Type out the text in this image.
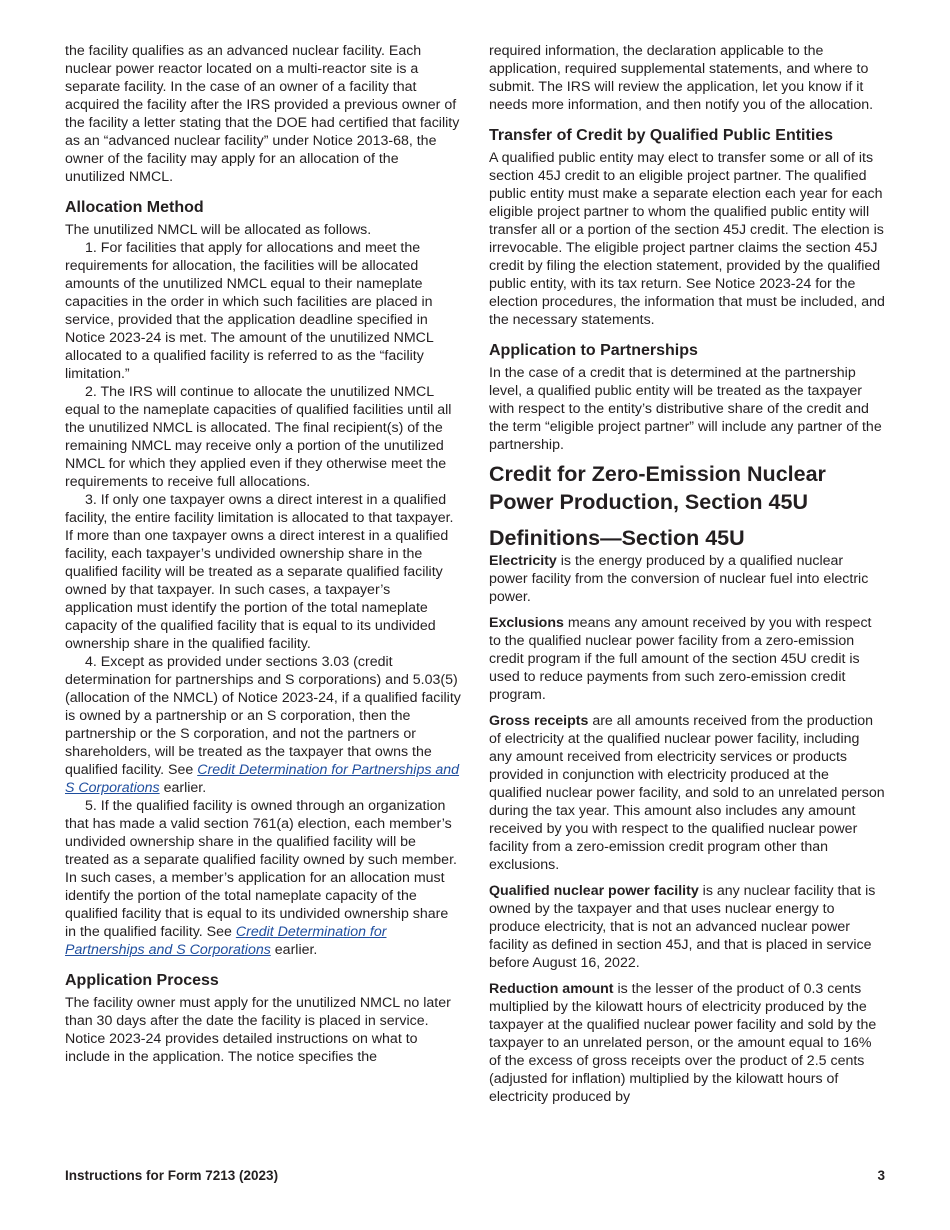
the facility qualifies as an advanced nuclear facility. Each nuclear power reactor located on a multi-reactor site is a separate facility. In the case of an owner of a facility that acquired the facility after the IRS provided a previous owner of the facility a letter stating that the DOE had certified that facility as an “advanced nuclear facility” under Notice 2013-68, the owner of the facility may apply for an allocation of the unutilized NMCL.

Allocation Method

The unutilized NMCL will be allocated as follows.

1. For facilities that apply for allocations and meet the requirements for allocation, the facilities will be allocated amounts of the unutilized NMCL equal to their nameplate capacities in the order in which such facilities are placed in service, provided that the application deadline specified in Notice 2023-24 is met. The amount of the unutilized NMCL allocated to a qualified facility is referred to as the “facility limitation.”

2. The IRS will continue to allocate the unutilized NMCL equal to the nameplate capacities of qualified facilities until all the unutilized NMCL is allocated. The final recipient(s) of the remaining NMCL may receive only a portion of the unutilized NMCL for which they applied even if they otherwise meet the requirements to receive full allocations.

3. If only one taxpayer owns a direct interest in a qualified facility, the entire facility limitation is allocated to that taxpayer. If more than one taxpayer owns a direct interest in a qualified facility, each taxpayer’s undivided ownership share in the qualified facility will be treated as a separate qualified facility owned by that taxpayer. In such cases, a taxpayer’s application must identify the portion of the total nameplate capacity of the qualified facility that is equal to its undivided ownership share in the qualified facility.

4. Except as provided under sections 3.03 (credit determination for partnerships and S corporations) and 5.03(5) (allocation of the NMCL) of Notice 2023-24, if a qualified facility is owned by a partnership or an S corporation, then the partnership or the S corporation, and not the partners or shareholders, will be treated as the taxpayer that owns the qualified facility. See Credit Determination for Partnerships and S Corporations earlier.

5. If the qualified facility is owned through an organization that has made a valid section 761(a) election, each member’s undivided ownership share in the qualified facility will be treated as a separate qualified facility owned by such member. In such cases, a member’s application for an allocation must identify the portion of the total nameplate capacity of the qualified facility that is equal to its undivided ownership share in the qualified facility. See Credit Determination for Partnerships and S Corporations earlier.

Application Process

The facility owner must apply for the unutilized NMCL no later than 30 days after the date the facility is placed in service. Notice 2023-24 provides detailed instructions on what to include in the application. The notice specifies the

required information, the declaration applicable to the application, required supplemental statements, and where to submit. The IRS will review the application, let you know if it needs more information, and then notify you of the allocation.

Transfer of Credit by Qualified Public Entities

A qualified public entity may elect to transfer some or all of its section 45J credit to an eligible project partner. The qualified public entity must make a separate election each year for each eligible project partner to whom the qualified public entity will transfer all or a portion of the section 45J credit. The election is irrevocable. The eligible project partner claims the section 45J credit by filing the election statement, provided by the qualified public entity, with its tax return. See Notice 2023-24 for the election procedures, the information that must be included, and the necessary statements.

Application to Partnerships

In the case of a credit that is determined at the partnership level, a qualified public entity will be treated as the taxpayer with respect to the entity’s distributive share of the credit and the term “eligible project partner” will include any partner of the partnership.

Credit for Zero-Emission Nuclear Power Production, Section 45U
Definitions—Section 45U

Electricity is the energy produced by a qualified nuclear power facility from the conversion of nuclear fuel into electric power.

Exclusions means any amount received by you with respect to the qualified nuclear power facility from a zero-emission credit program if the full amount of the section 45U credit is used to reduce payments from such zero-emission credit program.

Gross receipts are all amounts received from the production of electricity at the qualified nuclear power facility, including any amount received from electricity services or products provided in conjunction with electricity produced at the qualified nuclear power facility, and sold to an unrelated person during the tax year. This amount also includes any amount received by you with respect to the qualified nuclear power facility from a zero-emission credit program other than exclusions.

Qualified nuclear power facility is any nuclear facility that is owned by the taxpayer and that uses nuclear energy to produce electricity, that is not an advanced nuclear power facility as defined in section 45J, and that is placed in service before August 16, 2022.

Reduction amount is the lesser of the product of 0.3 cents multiplied by the kilowatt hours of electricity produced by the taxpayer at the qualified nuclear power facility and sold by the taxpayer to an unrelated person, or the amount equal to 16% of the excess of gross receipts over the product of 2.5 cents (adjusted for inflation) multiplied by the kilowatt hours of electricity produced by

Instructions for Form 7213 (2023)	3
